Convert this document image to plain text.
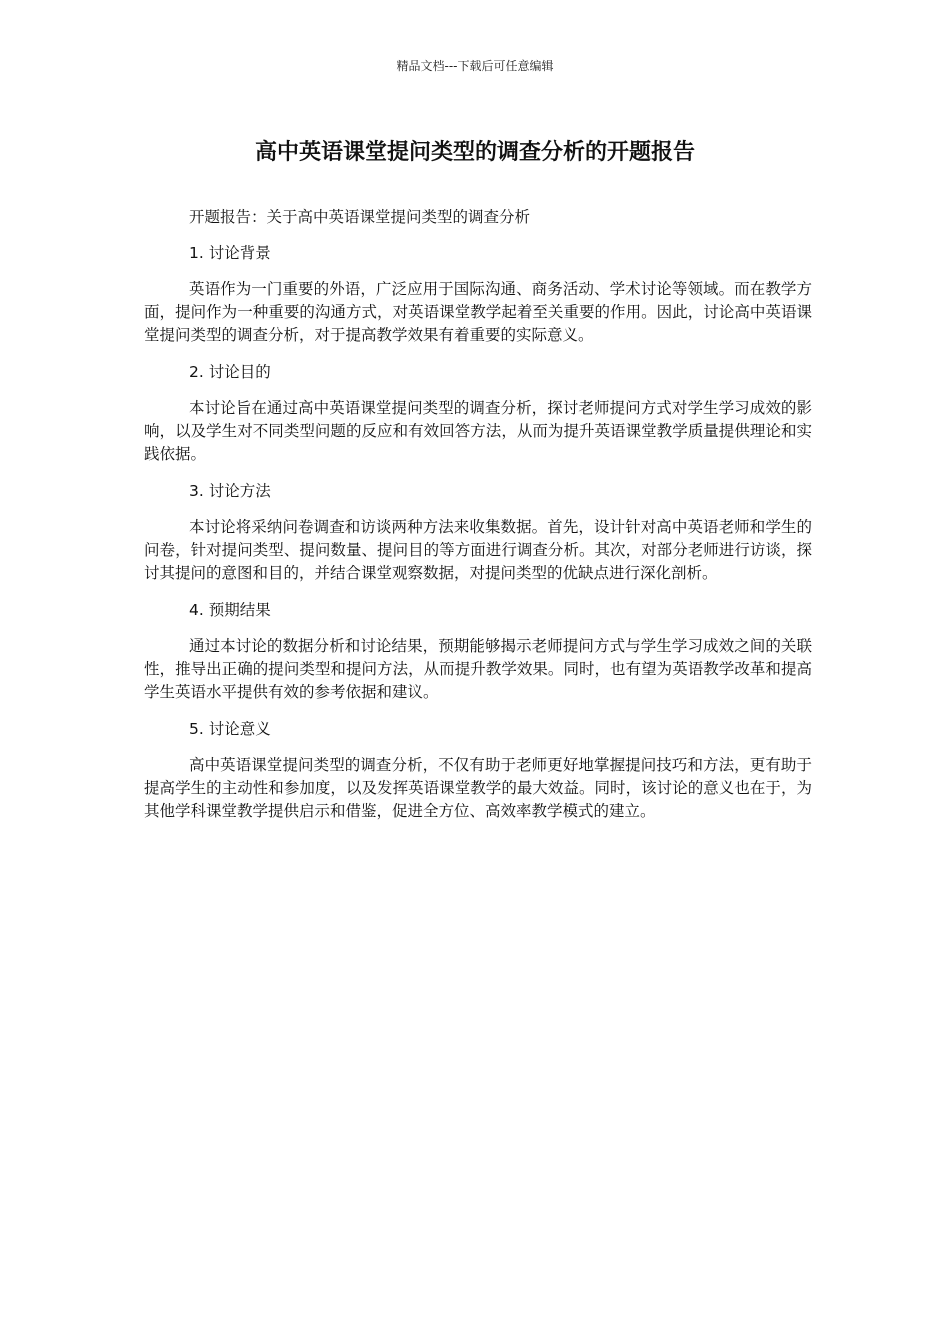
精品文档---下载后可任意编辑
高中英语课堂提问类型的调查分析的开题报告

开题报告：关于高中英语课堂提问类型的调查分析

1. 讨论背景

英语作为一门重要的外语，广泛应用于国际沟通、商务活动、学术讨论等领域。而在教学方面，提问作为一种重要的沟通方式，对英语课堂教学起着至关重要的作用。因此，讨论高中英语课堂提问类型的调查分析，对于提高教学效果有着重要的实际意义。

2. 讨论目的

本讨论旨在通过高中英语课堂提问类型的调查分析，探讨老师提问方式对学生学习成效的影响，以及学生对不同类型问题的反应和有效回答方法，从而为提升英语课堂教学质量提供理论和实践依据。

3. 讨论方法

本讨论将采纳问卷调查和访谈两种方法来收集数据。首先，设计针对高中英语老师和学生的问卷，针对提问类型、提问数量、提问目的等方面进行调查分析。其次，对部分老师进行访谈，探讨其提问的意图和目的，并结合课堂观察数据，对提问类型的优缺点进行深化剖析。

4. 预期结果

通过本讨论的数据分析和讨论结果，预期能够揭示老师提问方式与学生学习成效之间的关联性，推导出正确的提问类型和提问方法，从而提升教学效果。同时，也有望为英语教学改革和提高学生英语水平提供有效的参考依据和建议。

5. 讨论意义

高中英语课堂提问类型的调查分析，不仅有助于老师更好地掌握提问技巧和方法，更有助于提高学生的主动性和参加度，以及发挥英语课堂教学的最大效益。同时，该讨论的意义也在于，为其他学科课堂教学提供启示和借鉴，促进全方位、高效率教学模式的建立。
